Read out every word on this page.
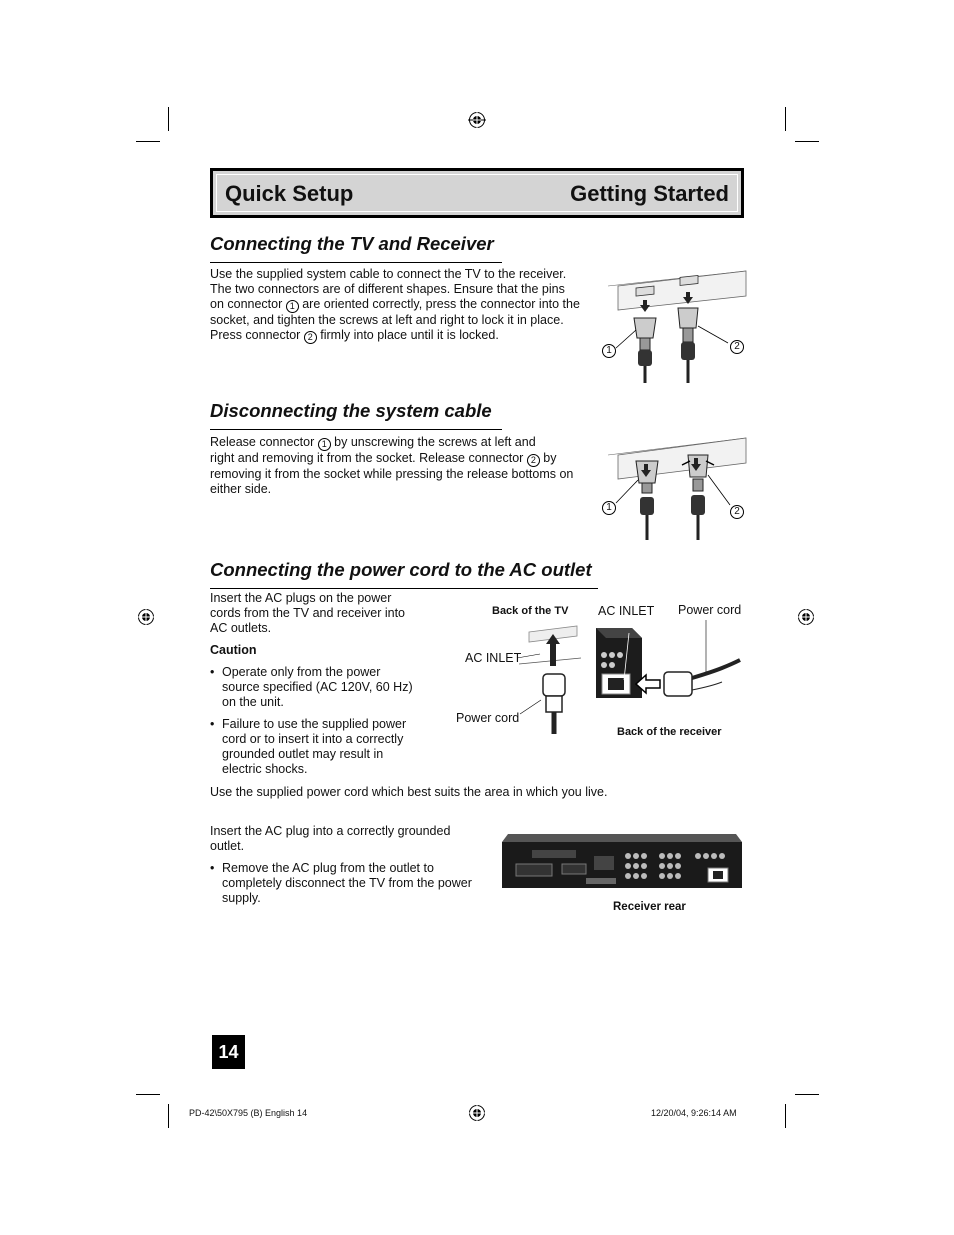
Quick Setup	Getting Started
Connecting the TV and Receiver
Use the supplied system cable to connect the TV to the receiver.
The two connectors are of different shapes. Ensure that the pins
on connector 1 are oriented correctly, press the connector into the
socket, and tighten the screws at left and right to lock it in place.
Press connector 2 firmly into place until it is locked.
1	2
Disconnecting the system cable
Release connector 1 by unscrewing the screws at left and
right and removing it from the socket. Release connector 2 by
removing it from the socket while pressing the release bottoms on
either side.
1	2
Connecting the power cord to the AC outlet
Insert the AC plugs on the power
cords from the TV and receiver into
AC outlets.
Caution
• Operate only from the power
source specified (AC 120V, 60 Hz)
on the unit.
• Failure to use the supplied power
cord or to insert it into a correctly
grounded outlet may result in
electric shocks.
Use the supplied power cord which best suits the area in which you live.
Back of the TV
AC INLET
Power cord
AC INLET Power cord
Back of the receiver
Insert the AC plug into a correctly grounded
outlet.
• Remove the AC plug from the outlet to
completely disconnect the TV from the power
supply.
Receiver rear
14
PD-42\50X795 (B) English 14	12/20/04, 9:26:14 AM
